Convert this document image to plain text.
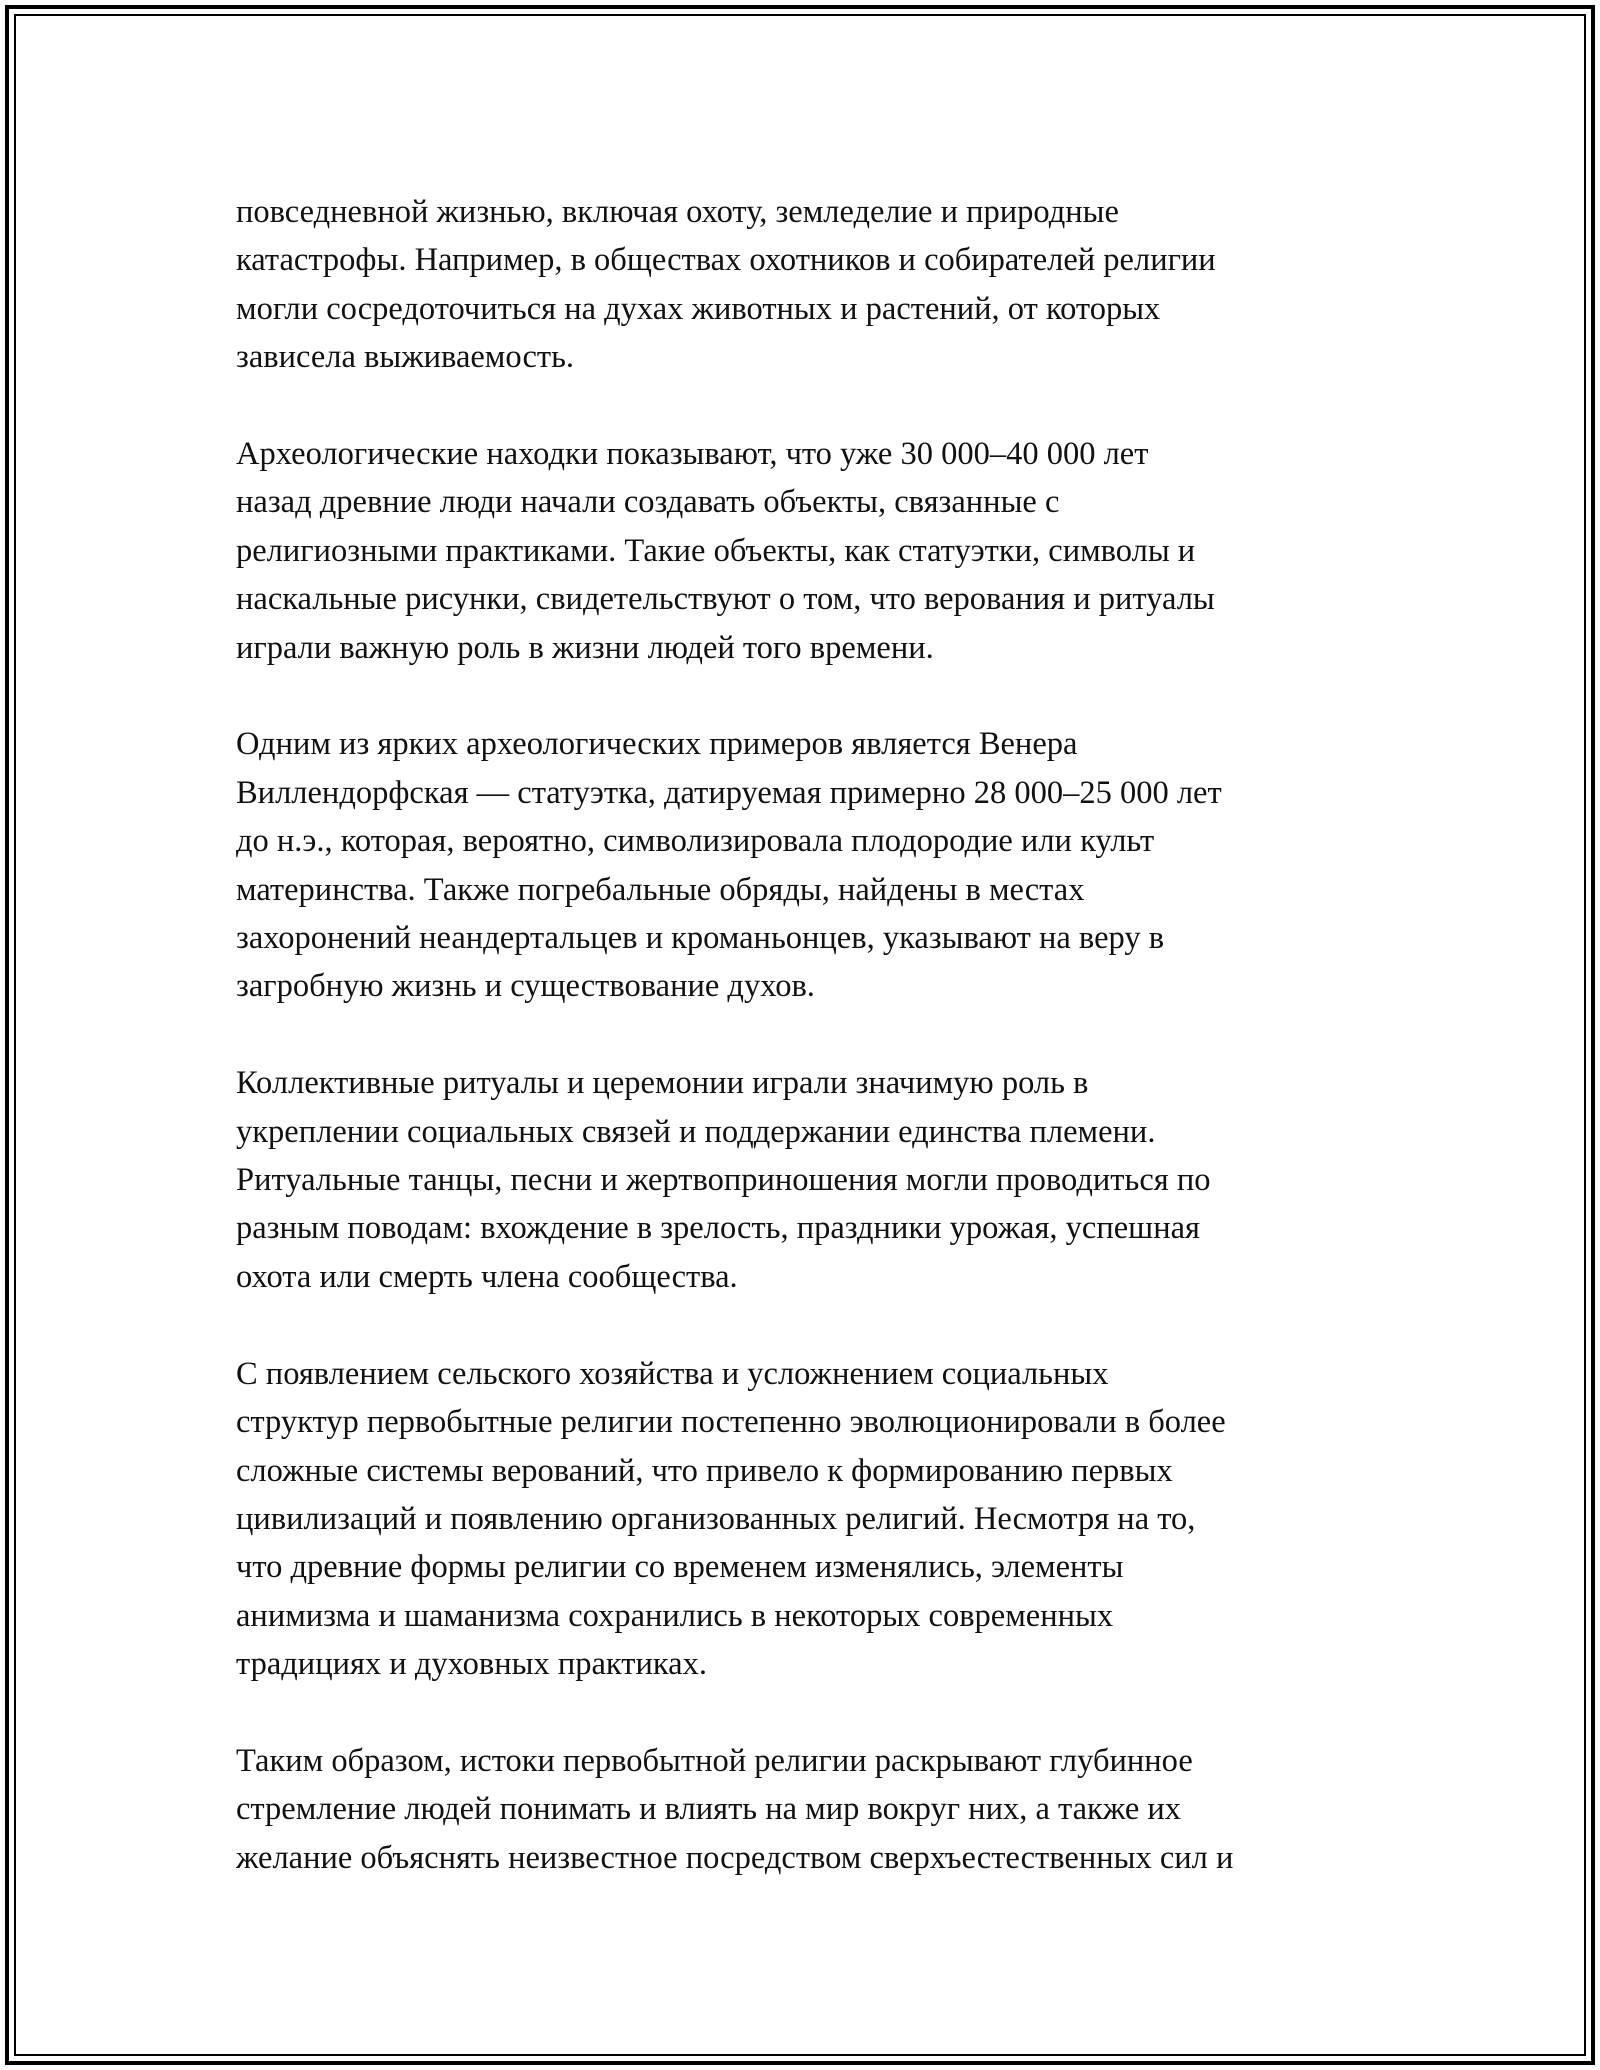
повседневной жизнью, включая охоту, земледелие и природные
катастрофы. Например, в обществах охотников и собирателей религии
могли сосредоточиться на духах животных и растений, от которых
зависела выживаемость.

Археологические находки показывают, что уже 30 000–40 000 лет
назад древние люди начали создавать объекты, связанные с
религиозными практиками. Такие объекты, как статуэтки, символы и
наскальные рисунки, свидетельствуют о том, что верования и ритуалы
играли важную роль в жизни людей того времени.

Одним из ярких археологических примеров является Венера
Виллендорфская — статуэтка, датируемая примерно 28 000–25 000 лет
до н.э., которая, вероятно, символизировала плодородие или культ
материнства. Также погребальные обряды, найдены в местах
захоронений неандертальцев и кроманьонцев, указывают на веру в
загробную жизнь и существование духов.

Коллективные ритуалы и церемонии играли значимую роль в
укреплении социальных связей и поддержании единства племени.
Ритуальные танцы, песни и жертвоприношения могли проводиться по
разным поводам: вхождение в зрелость, праздники урожая, успешная
охота или смерть члена сообщества.

С появлением сельского хозяйства и усложнением социальных
структур первобытные религии постепенно эволюционировали в более
сложные системы верований, что привело к формированию первых
цивилизаций и появлению организованных религий. Несмотря на то,
что древние формы религии со временем изменялись, элементы
анимизма и шаманизма сохранились в некоторых современных
традициях и духовных практиках.

Таким образом, истоки первобытной религии раскрывают глубинное
стремление людей понимать и влиять на мир вокруг них, а также их
желание объяснять неизвестное посредством сверхъестественных сил и
